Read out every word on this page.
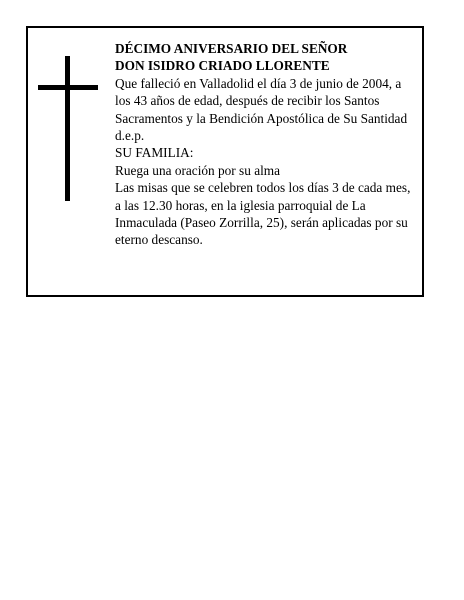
DÉCIMO ANIVERSARIO DEL SEÑOR
DON ISIDRO CRIADO LLORENTE
Que falleció en Valladolid el día 3 de junio de 2004, a
los 43 años de edad, después de recibir los Santos
Sacramentos y la Bendición Apostólica de Su Santidad
d.e.p.
SU FAMILIA:
Ruega una oración por su alma
Las misas que se celebren todos los días 3 de cada mes,
a las 12.30 horas, en la iglesia parroquial de La
Inmaculada (Paseo Zorrilla, 25), serán aplicadas por su
eterno descanso.
